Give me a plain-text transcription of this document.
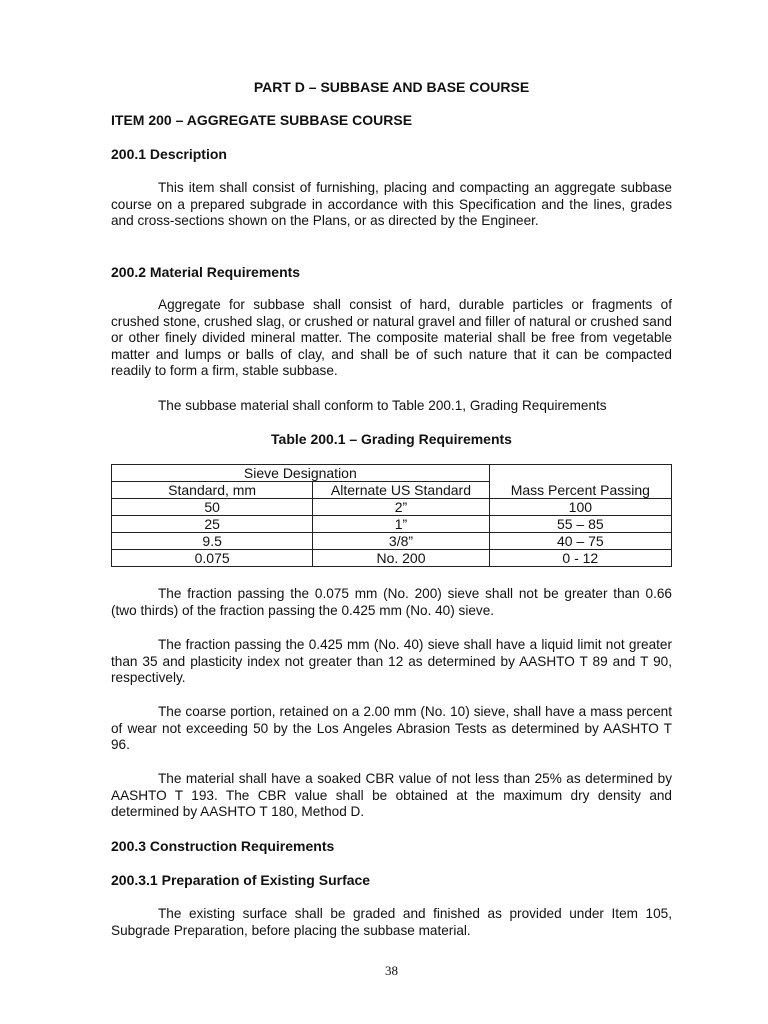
PART D – SUBBASE AND BASE COURSE
ITEM 200 – AGGREGATE SUBBASE COURSE
200.1 Description

This item shall consist of furnishing, placing and compacting an aggregate subbase course on a prepared subgrade in accordance with this Specification and the lines, grades and cross-sections shown on the Plans, or as directed by the Engineer.

200.2 Material Requirements

Aggregate for subbase shall consist of hard, durable particles or fragments of crushed stone, crushed slag, or crushed or natural gravel and filler of natural or crushed sand or other finely divided mineral matter. The composite material shall be free from vegetable matter and lumps or balls of clay, and shall be of such nature that it can be compacted readily to form a firm, stable subbase.

The subbase material shall conform to Table 200.1, Grading Requirements

Table 200.1 – Grading Requirements
Sieve Designation		Mass Percent Passing
Standard, mm	Alternate US Standard	
50	2”	100
25	1”	55 – 85
9.5	3/8”	40 – 75
0.075	No. 200	0 - 12

The fraction passing the 0.075 mm (No. 200) sieve shall not be greater than 0.66 (two thirds) of the fraction passing the 0.425 mm (No. 40) sieve.

The fraction passing the 0.425 mm (No. 40) sieve shall have a liquid limit not greater than 35 and plasticity index not greater than 12 as determined by AASHTO T 89 and T 90, respectively.

The coarse portion, retained on a 2.00 mm (No. 10) sieve, shall have a mass percent of wear not exceeding 50 by the Los Angeles Abrasion Tests as determined by AASHTO T 96.

The material shall have a soaked CBR value of not less than 25% as determined by AASHTO T 193. The CBR value shall be obtained at the maximum dry density and determined by AASHTO T 180, Method D.

200.3 Construction Requirements
200.3.1 Preparation of Existing Surface

The existing surface shall be graded and finished as provided under Item 105, Subgrade Preparation, before placing the subbase material.

38
